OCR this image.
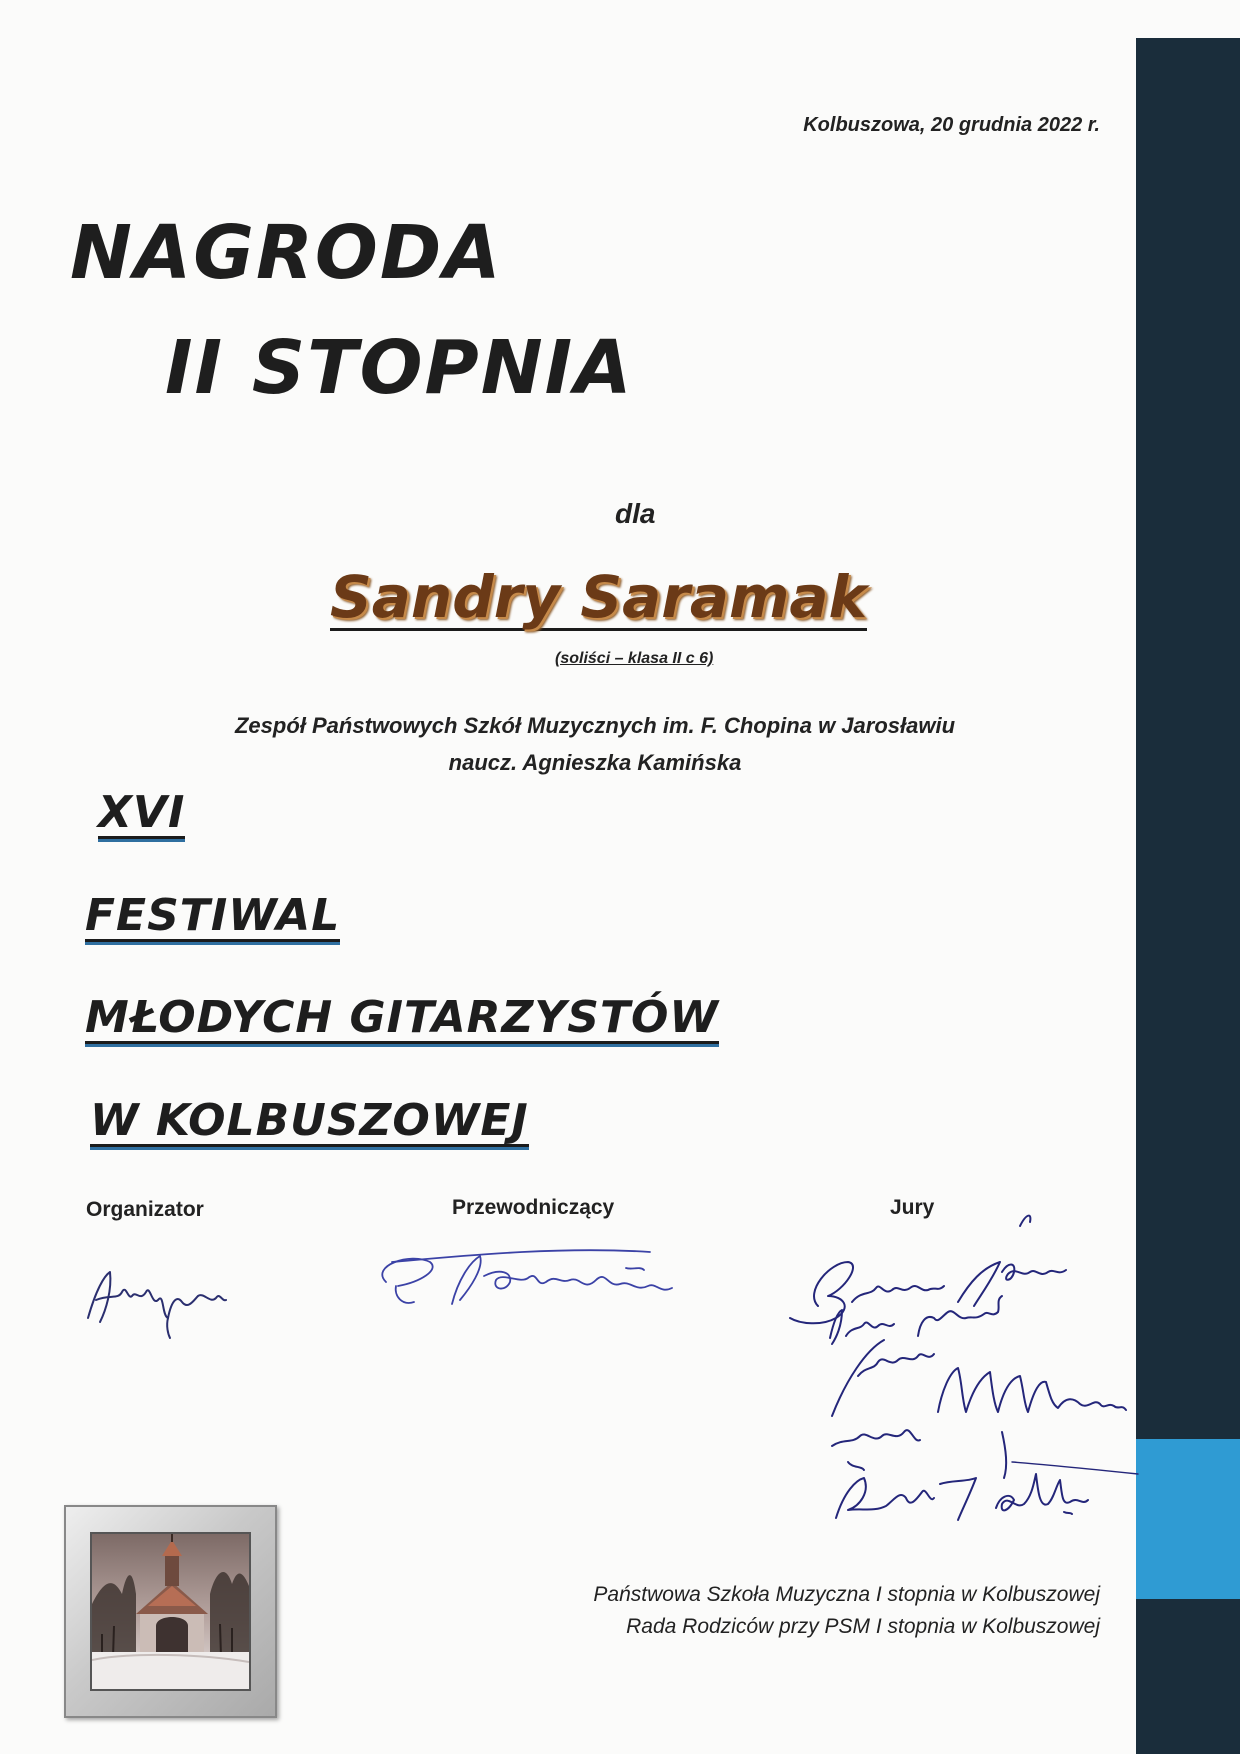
Kolbuszowa, 20 grudnia 2022 r.
NAGRODA
II STOPNIA
dla
Sandry Saramak
(soliści – klasa II c 6)
Zespół Państwowych Szkół Muzycznych im. F. Chopina w Jarosławiu
naucz. Agnieszka Kamińska
XVI
FESTIWAL
MŁODYCH GITARZYSTÓW
W KOLBUSZOWEJ
Organizator	Przewodniczący	Jury
Państwowa Szkoła Muzyczna I stopnia w Kolbuszowej
Rada Rodziców przy PSM I stopnia w Kolbuszowej
